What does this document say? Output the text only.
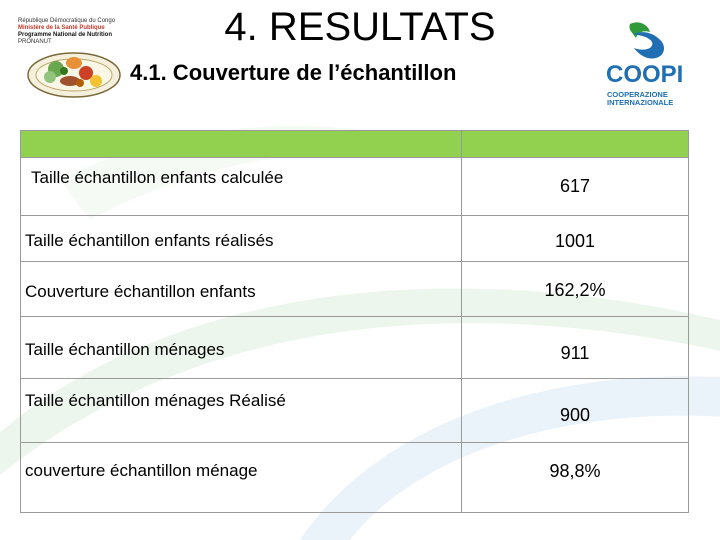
République Démocratique du Congo
Ministère de la Santé Publique
Programme National de Nutrition
PRONANUT
COOPI
COOPERAZIONE
INTERNAZIONALE
4. RESULTATS
4.1. Couverture de l’échantillon

Taille échantillon enfants calculée	617
Taille échantillon enfants réalisés	1001
Couverture échantillon enfants	162,2%
Taille échantillon ménages	911
Taille échantillon ménages Réalisé	900
couverture échantillon ménage	98,8%
